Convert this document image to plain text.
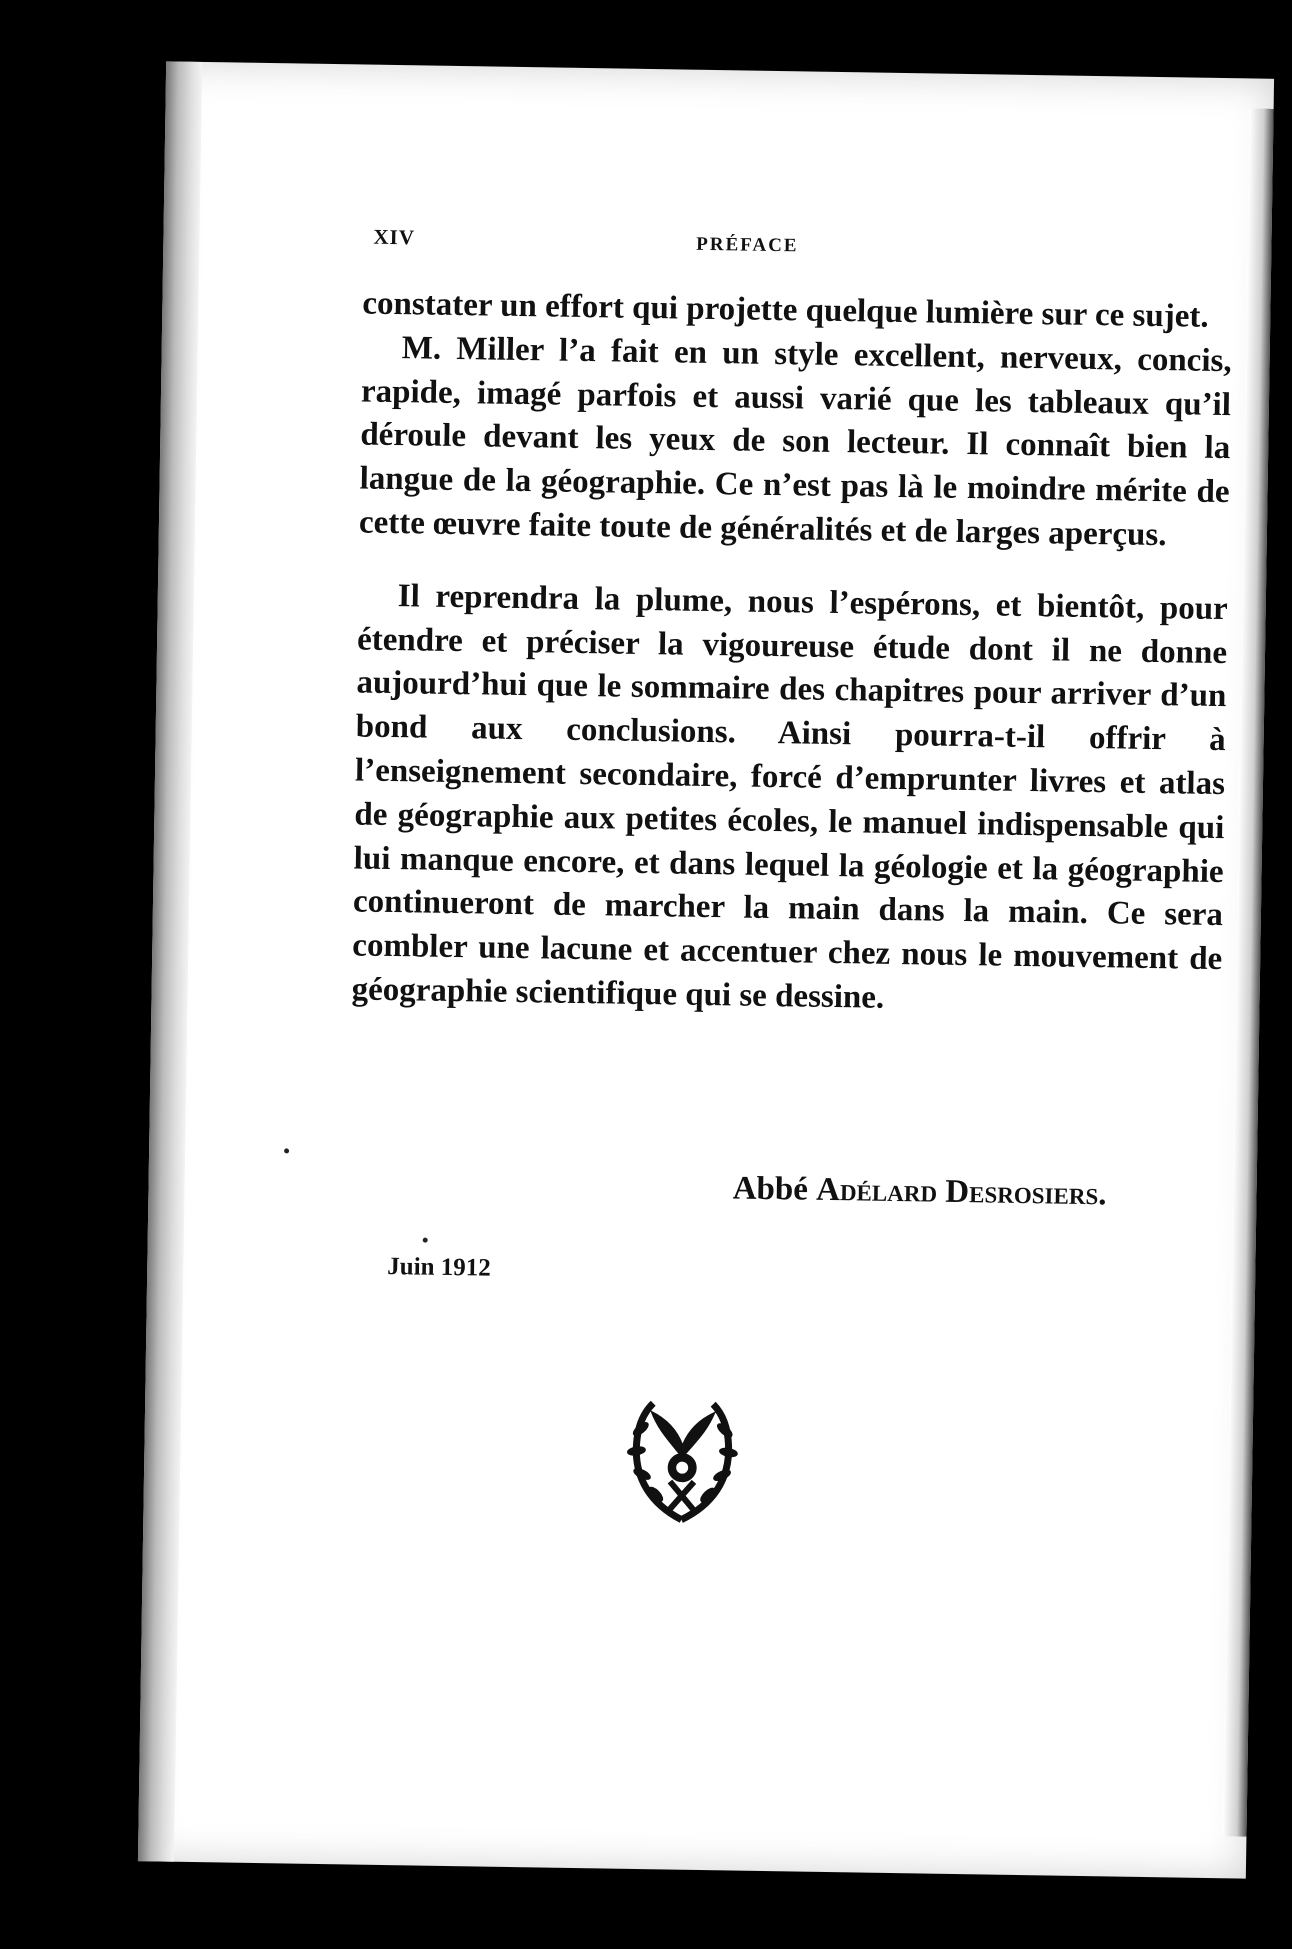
XIV	PRÉFACE

constater un effort qui projette quelque lumière sur ce sujet.

M. Miller l’a fait en un style excellent, nerveux, concis, rapide, imagé parfois et aussi varié que les tableaux qu’il déroule devant les yeux de son lecteur. Il connaît bien la langue de la géographie. Ce n’est pas là le moindre mérite de cette œuvre faite toute de généralités et de larges aperçus.

Il reprendra la plume, nous l’espérons, et bientôt, pour étendre et préciser la vigoureuse étude dont il ne donne aujourd’hui que le sommaire des chapitres pour arriver d’un bond aux conclusions. Ainsi pourra-t-il offrir à l’enseignement secondaire, forcé d’emprunter livres et atlas de géographie aux petites écoles, le manuel indispensable qui lui manque encore, et dans lequel la géologie et la géographie continueront de marcher la main dans la main. Ce sera combler une lacune et accentuer chez nous le mouvement de géographie scientifique qui se dessine.

Abbé Adélard Desrosiers.
Juin 1912
